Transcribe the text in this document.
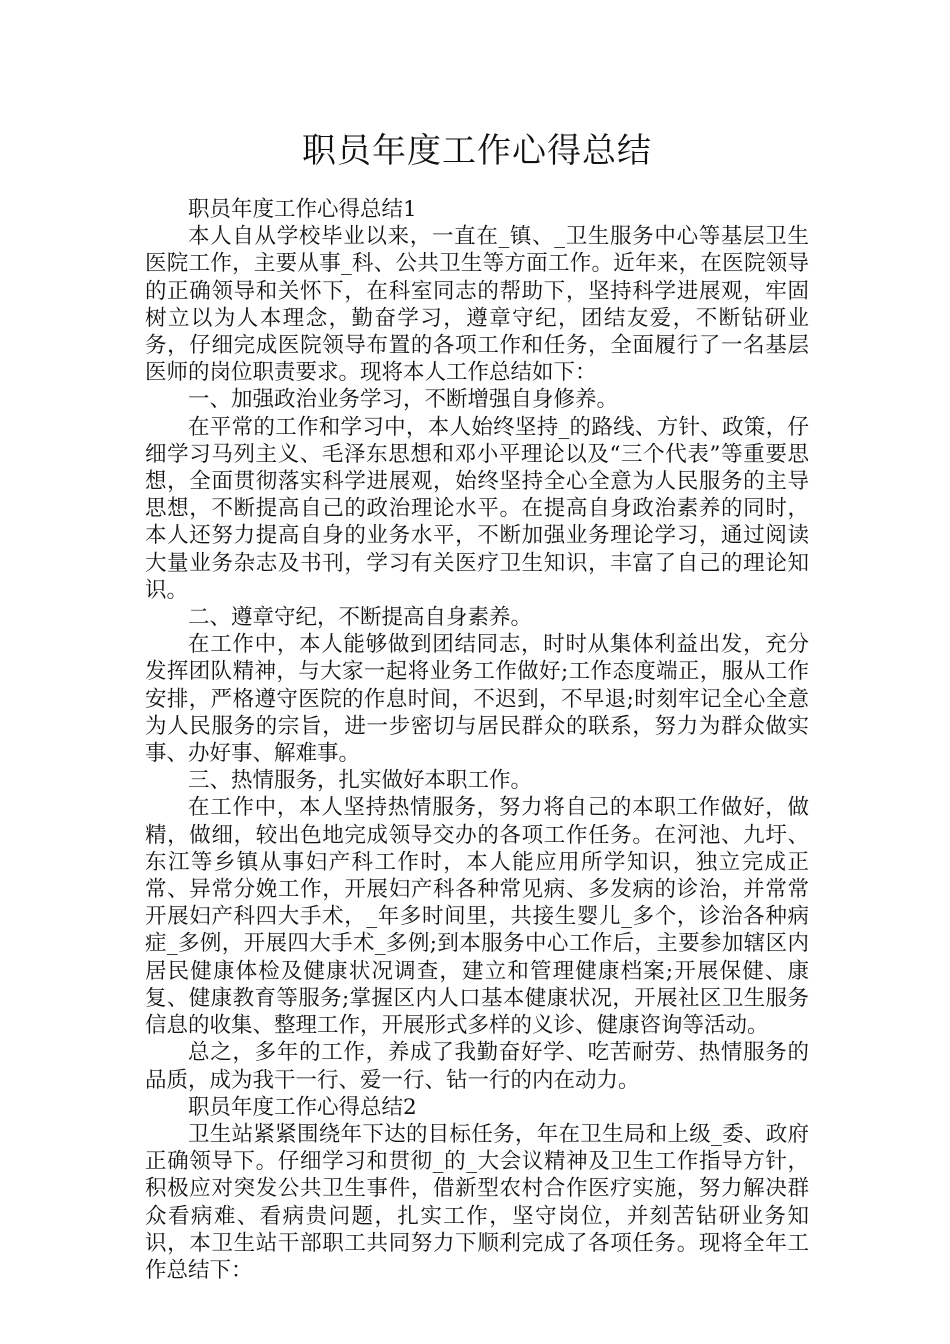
职员年度工作心得总结

职员年度工作心得总结1

本人自从学校毕业以来，一直在_镇、_卫生服务中心等基层卫生医院工作，主要从事_科、公共卫生等方面工作。近年来，在医院领导的正确领导和关怀下，在科室同志的帮助下，坚持科学进展观，牢固树立以为人本理念，勤奋学习，遵章守纪，团结友爱，不断钻研业务，仔细完成医院领导布置的各项工作和任务，全面履行了一名基层医师的岗位职责要求。现将本人工作总结如下：

一、加强政治业务学习，不断增强自身修养。

在平常的工作和学习中，本人始终坚持_的路线、方针、政策，仔细学习马列主义、毛泽东思想和邓小平理论以及“三个代表”等重要思想，全面贯彻落实科学进展观，始终坚持全心全意为人民服务的主导思想，不断提高自己的政治理论水平。在提高自身政治素养的同时，本人还努力提高自身的业务水平，不断加强业务理论学习，通过阅读大量业务杂志及书刊，学习有关医疗卫生知识，丰富了自己的理论知识。

二、遵章守纪，不断提高自身素养。

在工作中，本人能够做到团结同志，时时从集体利益出发，充分发挥团队精神，与大家一起将业务工作做好;工作态度端正，服从工作安排，严格遵守医院的作息时间，不迟到，不早退;时刻牢记全心全意为人民服务的宗旨，进一步密切与居民群众的联系，努力为群众做实事、办好事、解难事。

三、热情服务，扎实做好本职工作。

在工作中，本人坚持热情服务，努力将自己的本职工作做好，做精，做细，较出色地完成领导交办的各项工作任务。在河池、九圩、东江等乡镇从事妇产科工作时，本人能应用所学知识，独立完成正常、异常分娩工作，开展妇产科各种常见病、多发病的诊治，并常常开展妇产科四大手术，_年多时间里，共接生婴儿_多个，诊治各种病症_多例，开展四大手术_多例;到本服务中心工作后，主要参加辖区内居民健康体检及健康状况调查，建立和管理健康档案;开展保健、康复、健康教育等服务;掌握区内人口基本健康状况，开展社区卫生服务信息的收集、整理工作，开展形式多样的义诊、健康咨询等活动。

总之，多年的工作，养成了我勤奋好学、吃苦耐劳、热情服务的品质，成为我干一行、爱一行、钻一行的内在动力。

职员年度工作心得总结2

卫生站紧紧围绕年下达的目标任务，年在卫生局和上级_委、政府正确领导下。仔细学习和贯彻_的_大会议精神及卫生工作指导方针，积极应对突发公共卫生事件，借新型农村合作医疗实施，努力解决群众看病难、看病贵问题，扎实工作，坚守岗位，并刻苦钻研业务知识，本卫生站干部职工共同努力下顺利完成了各项任务。现将全年工作总结下：
